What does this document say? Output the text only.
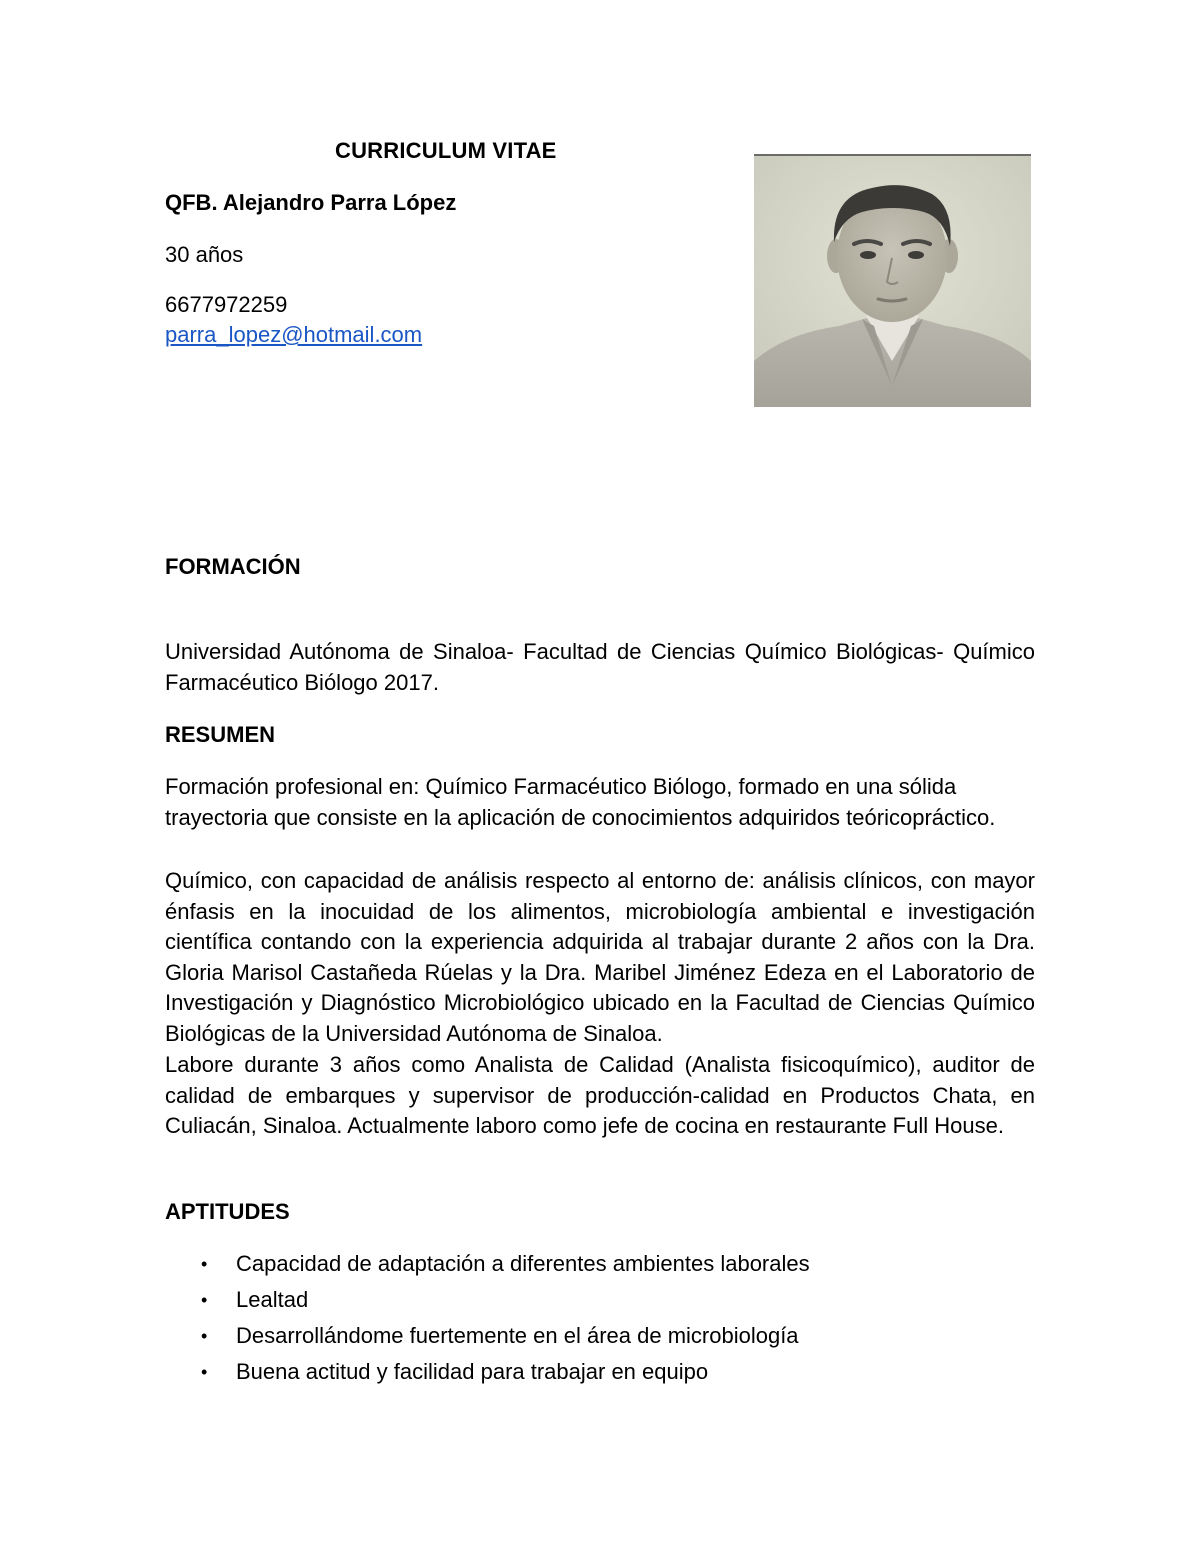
CURRICULUM VITAE
QFB. Alejandro Parra López
30 años
6677972259
parra_lopez@hotmail.com
FORMACIÓN
Universidad Autónoma de Sinaloa- Facultad de Ciencias Químico Biológicas- Químico Farmacéutico Biólogo 2017.
RESUMEN
Formación profesional en: Químico Farmacéutico Biólogo, formado en una sólida trayectoria que consiste en la aplicación de conocimientos adquiridos teóricopráctico.
Químico, con capacidad de análisis respecto al entorno de: análisis clínicos, con mayor énfasis en la inocuidad de los alimentos, microbiología ambiental e investigación científica contando con la experiencia adquirida al trabajar durante 2 años con la Dra. Gloria Marisol Castañeda Rúelas y la Dra. Maribel Jiménez Edeza en el Laboratorio de Investigación y Diagnóstico Microbiológico ubicado en la Facultad de Ciencias Químico Biológicas de la Universidad Autónoma de Sinaloa.
Labore durante 3 años como Analista de Calidad (Analista fisicoquímico), auditor de calidad de embarques y supervisor de producción-calidad en Productos Chata, en Culiacán, Sinaloa. Actualmente laboro como jefe de cocina en restaurante Full House.
APTITUDES
• Capacidad de adaptación a diferentes ambientes laborales
• Lealtad
• Desarrollándome fuertemente en el área de microbiología
• Buena actitud y facilidad para trabajar en equipo
